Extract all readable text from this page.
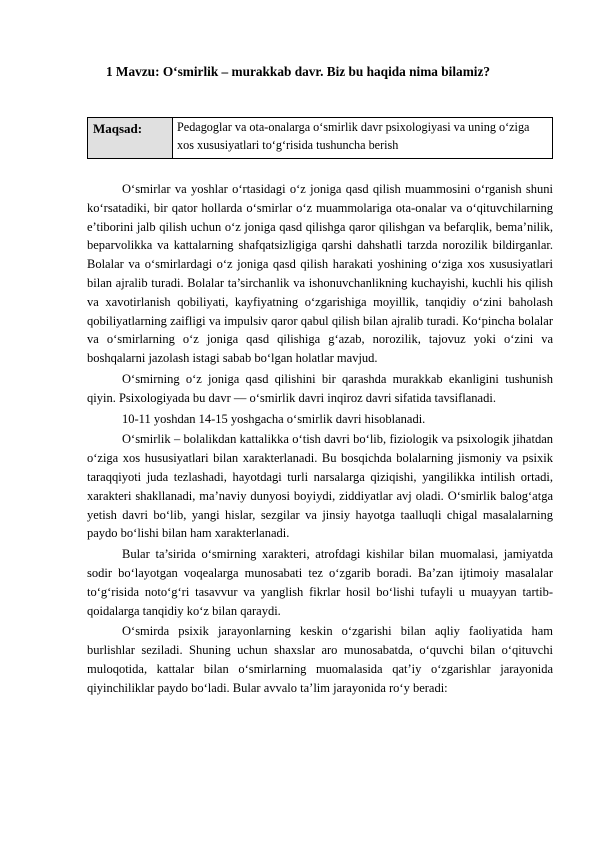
1 Mavzu: O‘smirlik – murakkab davr. Biz bu haqida nima bilamiz?
Maqsad:	Pedagoglar va ota-onalarga o‘smirlik davr psixologiyasi va uning o‘ziga xos xususiyatlari to‘g‘risida tushuncha berish

O‘smirlar va yoshlar o‘rtasidagi o‘z joniga qasd qilish muammosini o‘rganish shuni ko‘rsatadiki, bir qator hollarda o‘smirlar o‘z muammolariga ota-onalar va o‘qituvchilarning e’tiborini jalb qilish uchun o‘z joniga qasd qilishga qaror qilishgan va befarqlik, bema’nilik, beparvolikka va kattalarning shafqatsizligiga qarshi dahshatli tarzda norozilik bildirganlar. Bolalar va o‘smirlardagi o‘z joniga qasd qilish harakati yoshining o‘ziga xos xususiyatlari bilan ajralib turadi. Bolalar ta’sirchanlik va ishonuvchanlikning kuchayishi, kuchli his qilish va xavotirlanish qobiliyati, kayfiyatning o‘zgarishiga moyillik, tanqidiy o‘zini baholash qobiliyatlarning zaifligi va impulsiv qaror qabul qilish bilan ajralib turadi. Ko‘pincha bolalar va o‘smirlarning o‘z joniga qasd qilishiga g‘azab, norozilik, tajovuz yoki o‘zini va boshqalarni jazolash istagi sabab bo‘lgan holatlar mavjud.

O‘smirning o‘z joniga qasd qilishini bir qarashda murakkab ekanligini tushunish qiyin. Psixologiyada bu davr — o‘smirlik davri inqiroz davri sifatida tavsiflanadi.

10-11 yoshdan 14-15 yoshgacha o‘smirlik davri hisoblanadi.

O‘smirlik – bolalikdan kattalikka o‘tish davri bo‘lib, fiziologik va psixologik jihatdan o‘ziga xos hususiyatlari bilan xarakterlanadi. Bu bosqichda bolalarning jismoniy va psixik taraqqiyoti juda tezlashadi, hayotdagi turli narsalarga qiziqishi, yangilikka intilish ortadi, xarakteri shakllanadi, ma’naviy dunyosi boyiydi, ziddiyatlar avj oladi. O‘smirlik balog‘atga yetish davri bo‘lib, yangi hislar, sezgilar va jinsiy hayotga taalluqli chigal masalalarning paydo bo‘lishi bilan ham xarakterlanadi.

Bular ta’sirida o‘smirning xarakteri, atrofdagi kishilar bilan muomalasi, jamiyatda sodir bo‘layotgan voqealarga munosabati tez o‘zgarib boradi. Ba’zan ijtimoiy masalalar to‘g‘risida noto‘g‘ri tasavvur va yanglish fikrlar hosil bo‘lishi tufayli u muayyan tartib-qoidalarga tanqidiy ko‘z bilan qaraydi.

O‘smirda psixik jarayonlarning keskin o‘zgarishi bilan aqliy faoliyatida ham burlishlar seziladi. Shuning uchun shaxslar aro munosabatda, o‘quvchi bilan o‘qituvchi muloqotida, kattalar bilan o‘smirlarning muomalasida qat’iy o‘zgarishlar jarayonida qiyinchiliklar paydo bo‘ladi. Bular avvalo ta’lim jarayonida ro‘y beradi:
